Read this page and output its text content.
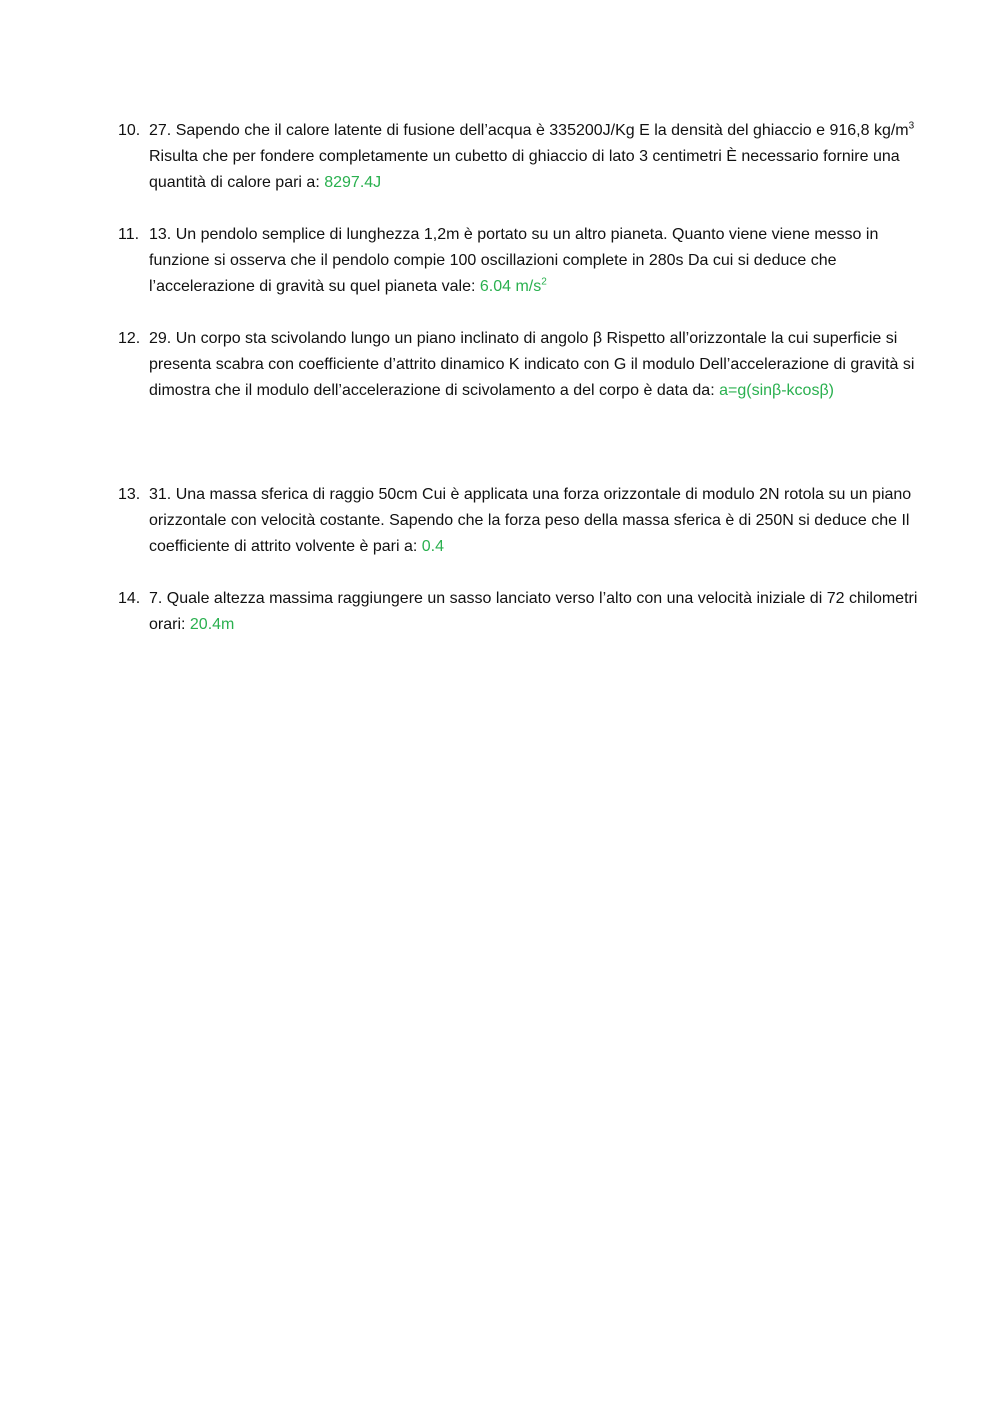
10. 27. Sapendo che il calore latente di fusione dell’acqua è 335200J/Kg E la densità del ghiaccio e 916,8 $kg/m^3$ Risulta che per fondere completamente un cubetto di ghiaccio di lato 3 centimetri È necessario fornire una quantità di calore pari a: 8297.4J
11. 13. Un pendolo semplice di lunghezza 1,2m è portato su un altro pianeta. Quanto viene viene messo in funzione si osserva che il pendolo compie 100 oscillazioni complete in 280s Da cui si deduce che l’accelerazione di gravità su quel pianeta vale: 6.04 $m/s^2$
12. 29. Un corpo sta scivolando lungo un piano inclinato di angolo β Rispetto all’orizzontale la cui superficie si presenta scabra con coefficiente d’attrito dinamico K indicato con G il modulo Dell’accelerazione di gravità si dimostra che il modulo dell’accelerazione di scivolamento a del corpo è data da: a=g(sinβ-kcosβ)
13. 31. Una massa sferica di raggio 50cm Cui è applicata una forza orizzontale di modulo 2N rotola su un piano orizzontale con velocità costante. Sapendo che la forza peso della massa sferica è di 250N si deduce che Il coefficiente di attrito volvente è pari a: 0.4
14. 7. Quale altezza massima raggiungere un sasso lanciato verso l’alto con una velocità iniziale di 72 chilometri orari: 20.4m
